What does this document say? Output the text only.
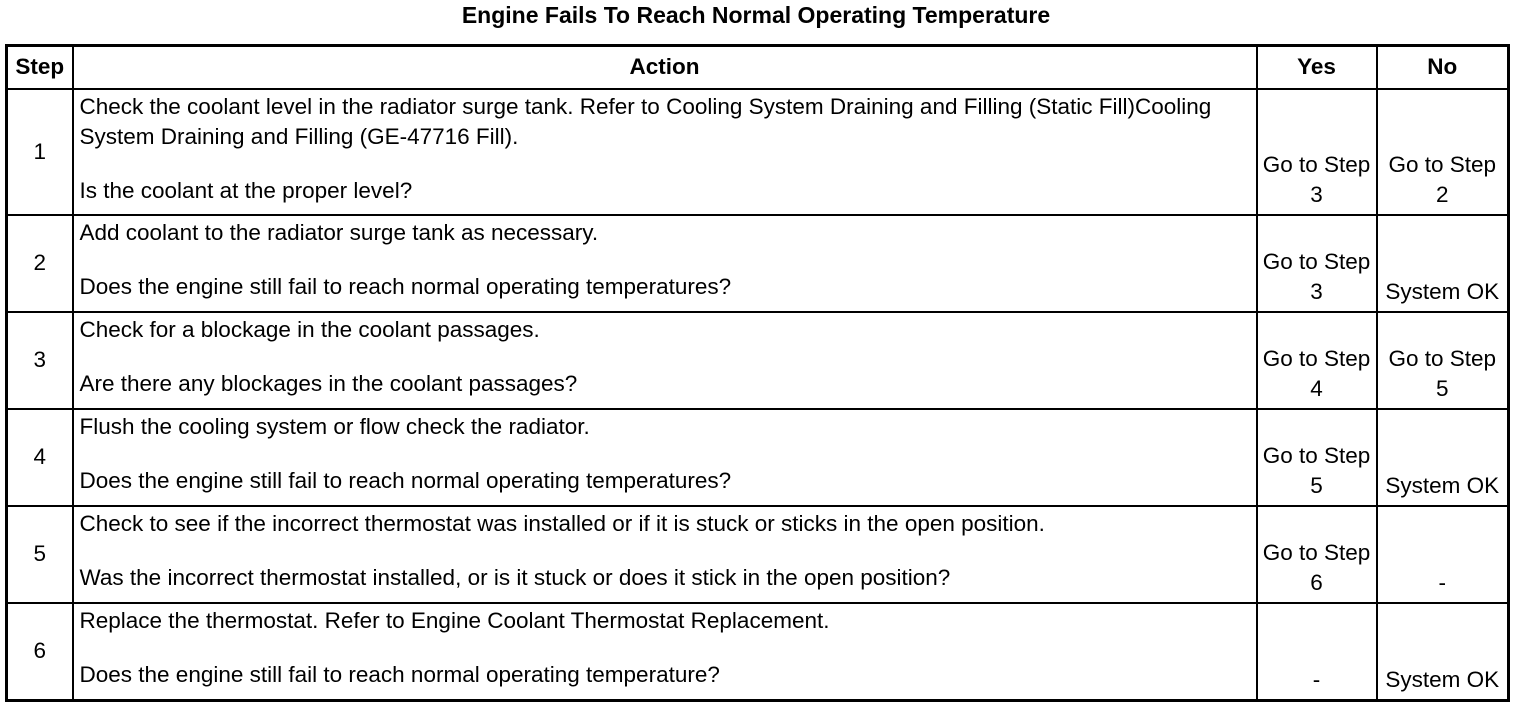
Engine Fails To Reach Normal Operating Temperature
Step	Action	Yes	No
1	Check the coolant level in the radiator surge tank. Refer to Cooling System Draining and Filling (Static Fill)Cooling System Draining and Filling (GE-47716 Fill).
Is the coolant at the proper level?	Go to Step 3	Go to Step 2
2	Add coolant to the radiator surge tank as necessary.
Does the engine still fail to reach normal operating temperatures?	Go to Step 3	System OK
3	Check for a blockage in the coolant passages.
Are there any blockages in the coolant passages?	Go to Step 4	Go to Step 5
4	Flush the cooling system or flow check the radiator.
Does the engine still fail to reach normal operating temperatures?	Go to Step 5	System OK
5	Check to see if the incorrect thermostat was installed or if it is stuck or sticks in the open position.
Was the incorrect thermostat installed, or is it stuck or does it stick in the open position?	Go to Step 6	-
6	Replace the thermostat. Refer to Engine Coolant Thermostat Replacement.
Does the engine still fail to reach normal operating temperature?	-	System OK
